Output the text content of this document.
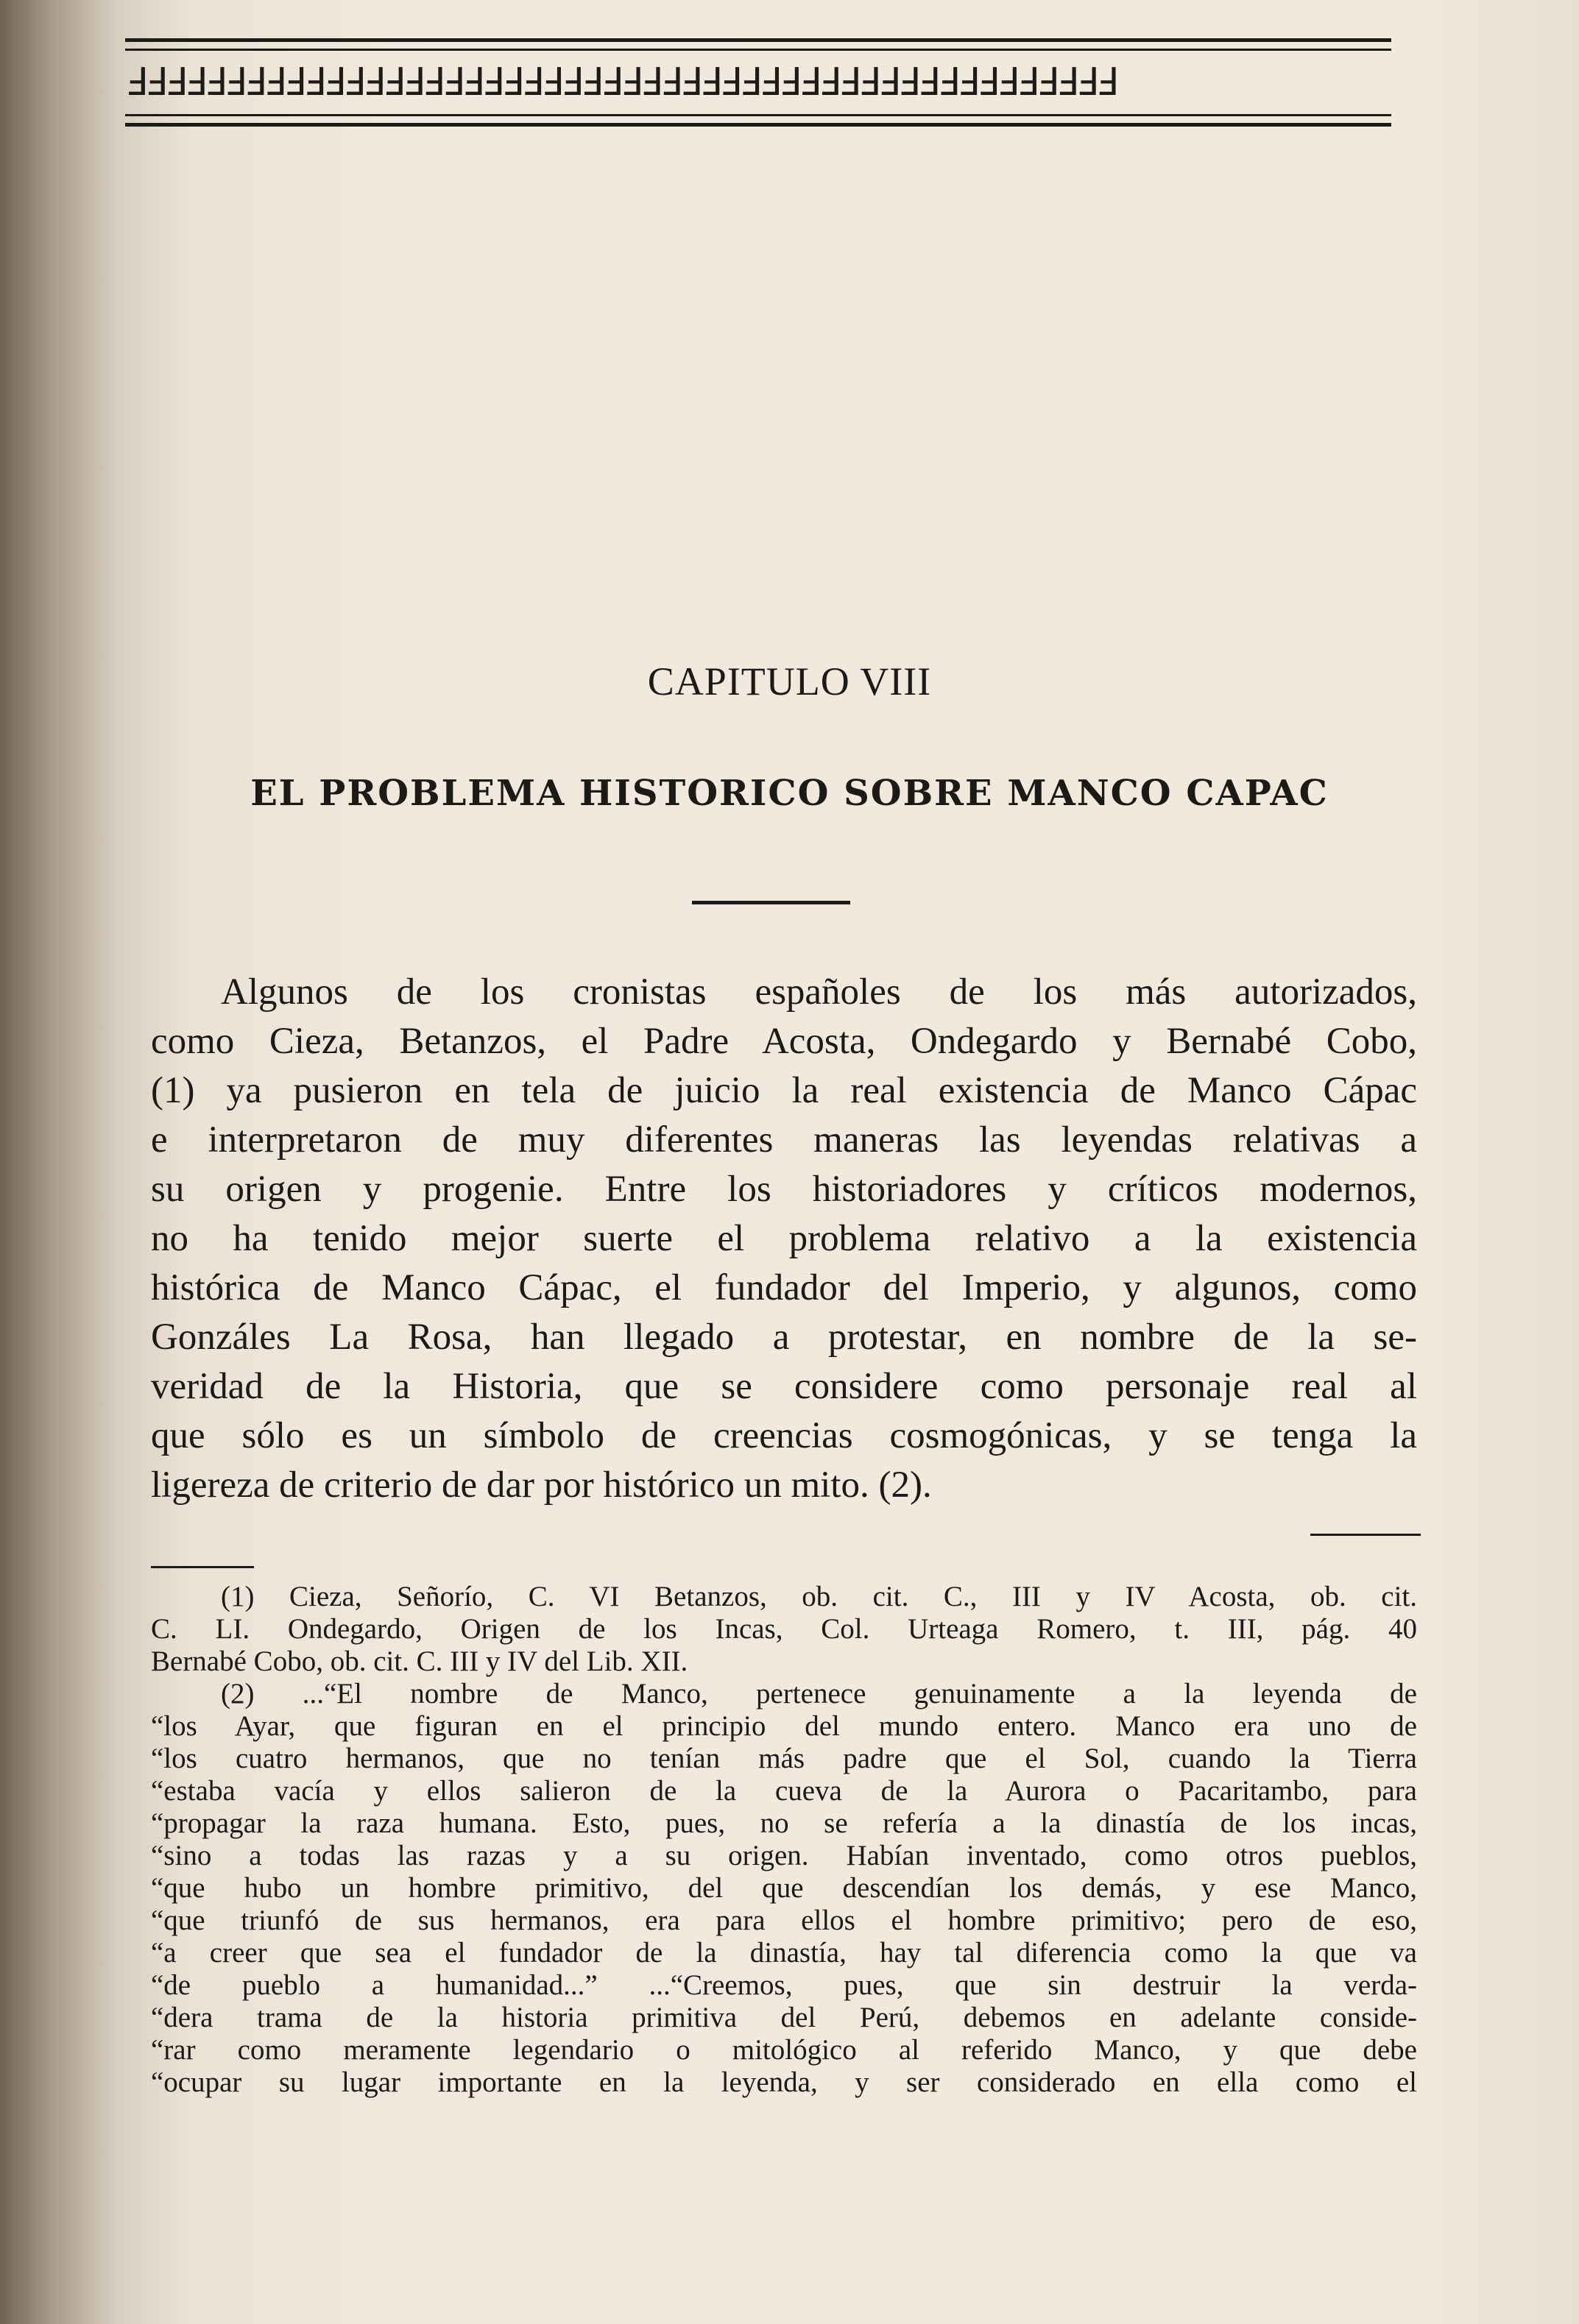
ℲℲℲℲℲℲℲℲℲℲℲℲℲℲℲℲℲℲℲℲℲℲℲℲℲℲℲℲℲℲℲℲℲℲℲℲℲℲℲℲℲℲℲℲℲℲℲℲℲℲ
CAPITULO VIII
EL PROBLEMA HISTORICO SOBRE MANCO CAPAC
Algunos de los cronistas españoles de los más autorizados,
como Cieza, Betanzos, el Padre Acosta, Ondegardo y Bernabé Cobo,
(1) ya pusieron en tela de juicio la real existencia de Manco Cápac
e interpretaron de muy diferentes maneras las leyendas relativas a
su origen y progenie. Entre los historiadores y críticos modernos,
no ha tenido mejor suerte el problema relativo a la existencia
histórica de Manco Cápac, el fundador del Imperio, y algunos, como
Gonzáles La Rosa, han llegado a protestar, en nombre de la se-
veridad de la Historia, que se considere como personaje real al
que sólo es un símbolo de creencias cosmogónicas, y se tenga la
ligereza de criterio de dar por histórico un mito. (2).
(1) Cieza, Señorío, C. VI Betanzos, ob. cit. C., III y IV Acosta, ob. cit.
C. LI. Ondegardo, Origen de los Incas, Col. Urteaga Romero, t. III, pág. 40
Bernabé Cobo, ob. cit. C. III y IV del Lib. XII.
(2) ...“El nombre de Manco, pertenece genuinamente a la leyenda de
“los Ayar, que figuran en el principio del mundo entero. Manco era uno de
“los cuatro hermanos, que no tenían más padre que el Sol, cuando la Tierra
“estaba vacía y ellos salieron de la cueva de la Aurora o Pacaritambo, para
“propagar la raza humana. Esto, pues, no se refería a la dinastía de los incas,
“sino a todas las razas y a su origen. Habían inventado, como otros pueblos,
“que hubo un hombre primitivo, del que descendían los demás, y ese Manco,
“que triunfó de sus hermanos, era para ellos el hombre primitivo; pero de eso,
“a creer que sea el fundador de la dinastía, hay tal diferencia como la que va
“de pueblo a humanidad...” ...“Creemos, pues, que sin destruir la verda-
“dera trama de la historia primitiva del Perú, debemos en adelante conside-
“rar como meramente legendario o mitológico al referido Manco, y que debe
“ocupar su lugar importante en la leyenda, y ser considerado en ella como el
